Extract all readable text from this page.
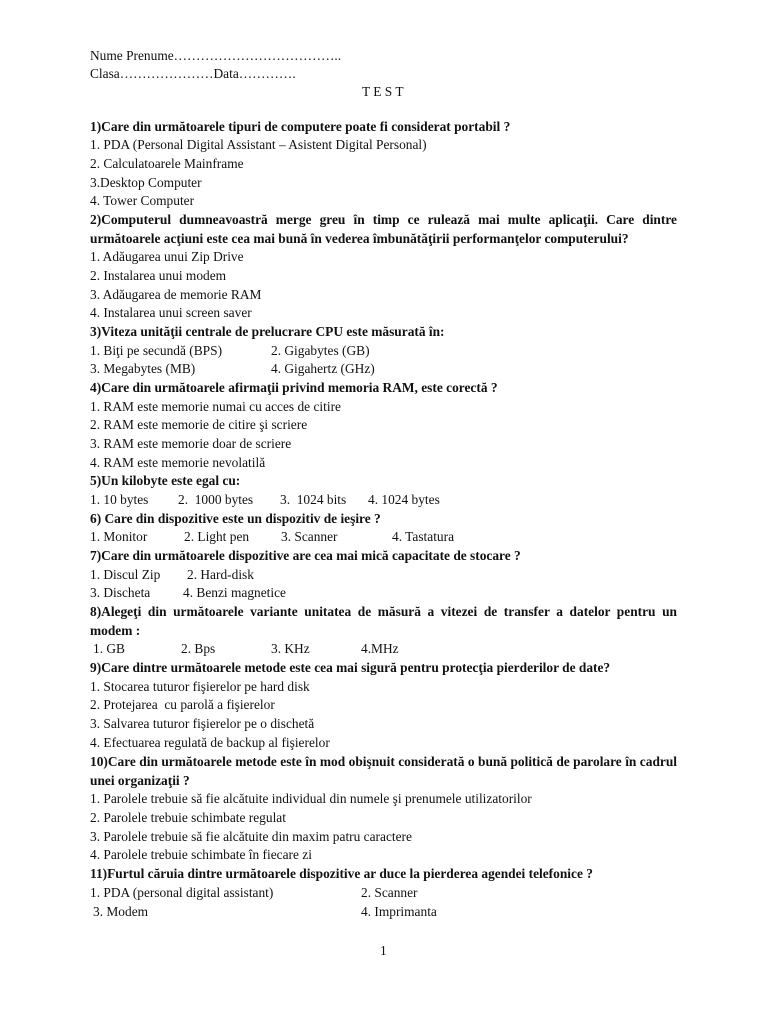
Nume Prenume………………………………..
Clasa…………………Data………….
T E S T
1)Care din următoarele tipuri de computere poate fi considerat portabil ?
1. PDA (Personal Digital Assistant – Asistent Digital Personal)
2. Calculatoarele Mainframe
3.Desktop Computer
4. Tower Computer
2)Computerul dumneavoastră merge greu în timp ce rulează mai multe aplicaţii. Care dintre următoarele acţiuni este cea mai bună în vederea îmbunătăţirii performanţelor computerului?
1. Adăugarea unui Zip Drive
2. Instalarea unui modem
3. Adăugarea de memorie RAM
4. Instalarea unui screen saver
3)Viteza unităţii centrale de prelucrare CPU este măsurată în:
1. Biţi pe secundă (BPS)	2. Gigabytes (GB)
3. Megabytes (MB)	4. Gigahertz (GHz)
4)Care din următoarele afirmaţii privind memoria RAM, este corectă ?
1. RAM este memorie numai cu acces de citire
2. RAM este memorie de citire şi scriere
3. RAM este memorie doar de scriere
4. RAM este memorie nevolatilă
5)Un kilobyte este egal cu:
1. 10 bytes 2.  1000 bytes 3.  1024 bits 4. 1024 bytes
6) Care din dispozitive este un dispozitiv de ieşire ?
1. Monitor	2. Light pen 3. Scanner	4. Tastatura
7)Care din următoarele dispozitive are cea mai mică capacitate de stocare ?
1. Discul Zip 2. Hard-disk
3. Discheta 4. Benzi magnetice
8)Alegeţi din următoarele variante unitatea de măsură a vitezei de transfer a datelor pentru un modem :
1. GB	2. Bps	3. KHz	4.MHz
9)Care dintre următoarele metode este cea mai sigură pentru protecţia pierderilor de date?
1. Stocarea tuturor fişierelor pe hard disk
2. Protejarea  cu parolă a fişierelor
3. Salvarea tuturor fişierelor pe o dischetă
4. Efectuarea regulată de backup al fişierelor
10)Care din următoarele metode este în mod obişnuit considerată o bună politică de parolare în cadrul unei organizaţii ?
1. Parolele trebuie să fie alcătuite individual din numele şi prenumele utilizatorilor
2. Parolele trebuie schimbate regulat
3. Parolele trebuie să fie alcătuite din maxim patru caractere
4. Parolele trebuie schimbate în fiecare zi
11)Furtul căruia dintre următoarele dispozitive ar duce la pierderea agendei telefonice ?
1. PDA (personal digital assistant)	2. Scanner
3. Modem	4. Imprimanta
1
